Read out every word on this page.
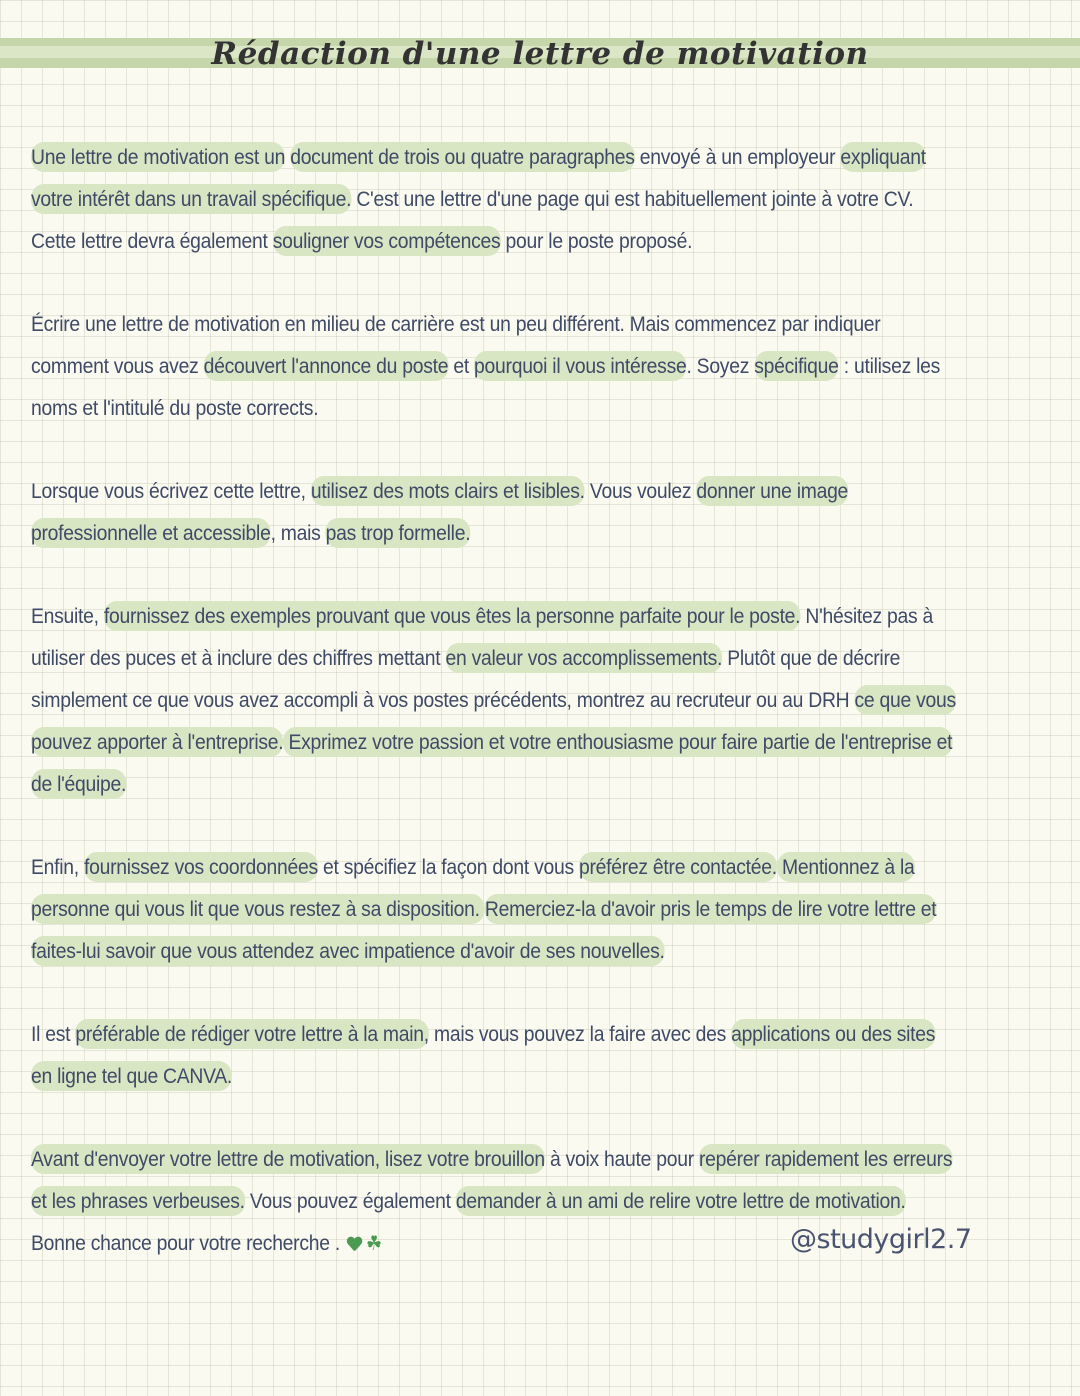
Rédaction d'une lettre de motivation

Une lettre de motivation est un document de trois ou quatre paragraphes envoyé à un employeur expliquant votre intérêt dans un travail spécifique. C'est une lettre d'une page qui est habituellement jointe à votre CV. Cette lettre devra également souligner vos compétences pour le poste proposé.

Écrire une lettre de motivation en milieu de carrière est un peu différent. Mais commencez par indiquer comment vous avez découvert l'annonce du poste et pourquoi il vous intéresse. Soyez spécifique : utilisez les noms et l'intitulé du poste corrects.

Lorsque vous écrivez cette lettre, utilisez des mots clairs et lisibles. Vous voulez donner une image professionnelle et accessible, mais pas trop formelle.

Ensuite, fournissez des exemples prouvant que vous êtes la personne parfaite pour le poste. N'hésitez pas à utiliser des puces et à inclure des chiffres mettant en valeur vos accomplissements. Plutôt que de décrire simplement ce que vous avez accompli à vos postes précédents, montrez au recruteur ou au DRH ce que vous pouvez apporter à l'entreprise. Exprimez votre passion et votre enthousiasme pour faire partie de l'entreprise et de l'équipe.

Enfin, fournissez vos coordonnées et spécifiez la façon dont vous préférez être contactée. Mentionnez à la personne qui vous lit que vous restez à sa disposition. Remerciez-la d'avoir pris le temps de lire votre lettre et faites-lui savoir que vous attendez avec impatience d'avoir de ses nouvelles.

Il est préférable de rédiger votre lettre à la main, mais vous pouvez la faire avec des applications ou des sites en ligne tel que CANVA.

Avant d'envoyer votre lettre de motivation, lisez votre brouillon à voix haute pour repérer rapidement les erreurs et les phrases verbeuses. Vous pouvez également demander à un ami de relire votre lettre de motivation. Bonne chance pour votre recherche . ☘	@studygirl2.7
